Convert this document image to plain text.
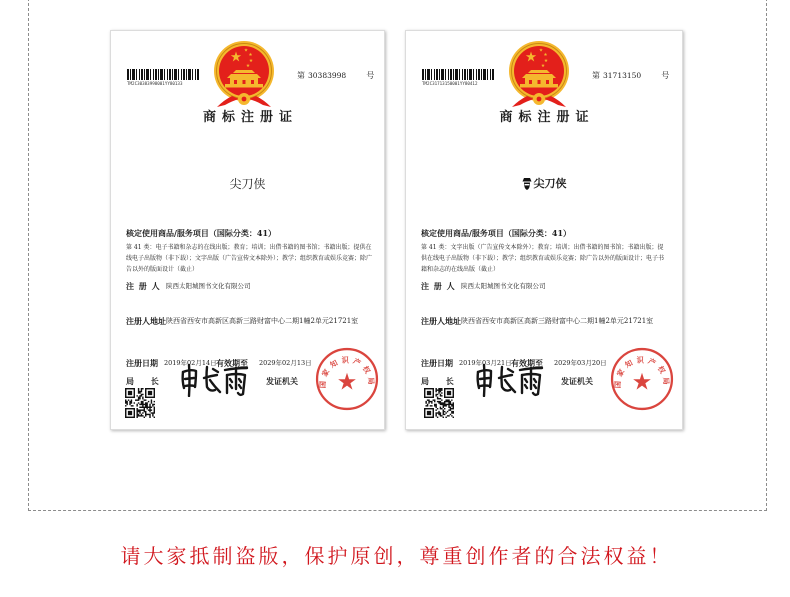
请大家抵制盗版，保护原创，尊重创作者的合法权益！
TM2C30383998001YY80133
第 30383998	号
商标注册证
尖刀侠
核定使用商品/服务项目（国际分类：41）
第 41 类：电子书籍和杂志的在线出版；教育；培训；出借书籍的图书馆；书籍出版；提供在线电子出版物（非下载）；文字出版（广告宣传文本除外）；教学；组织教育或娱乐竞赛；除广告以外的版面设计（截止）
注 册 人 陕西太阳城图书文化有限公司
注册人地址 陕西省西安市高新区高新三路财富中心二期1幢2单元21721室
注册日期 2019年02月14日 有效期至 2029年02月13日
局 长	发证机关	国家知识产权局
TM2C31713150001YY80412
第 31713150	号
商标注册证
尖刀侠
核定使用商品/服务项目（国际分类：41）
第 41 类：文字出版（广告宣传文本除外）；教育；培训；出借书籍的图书馆；书籍出版；提供在线电子出版物（非下载）；教学；组织教育或娱乐竞赛；除广告以外的版面设计；电子书籍和杂志的在线出版（截止）
注 册 人 陕西太阳城图书文化有限公司
注册人地址 陕西省西安市高新区高新三路财富中心二期1幢2单元21721室
注册日期 2019年03月21日 有效期至 2029年03月20日
局 长	发证机关	国家知识产权局
